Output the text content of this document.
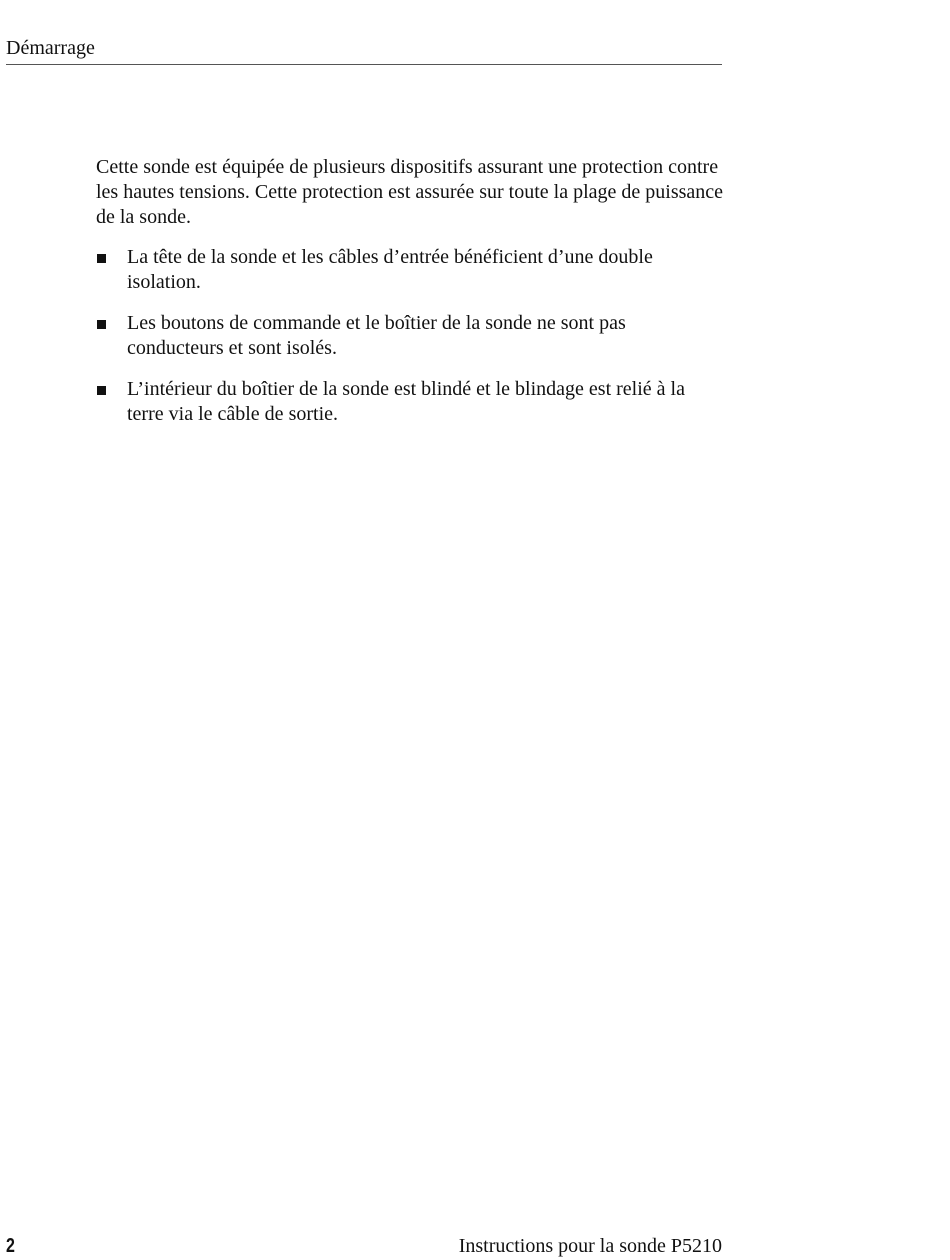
Démarrage

Cette sonde est équipée de plusieurs dispositifs assurant une protection contre les hautes tensions. Cette protection est assurée sur toute la plage de puissance de la sonde.

La tête de la sonde et les câbles d’entrée bénéficient d’une double isolation.
Les boutons de commande et le boîtier de la sonde ne sont pas conducteurs et sont isolés.
L’intérieur du boîtier de la sonde est blindé et le blindage est relié à la terre via le câble de sortie.
2	Instructions pour la sonde P5210
